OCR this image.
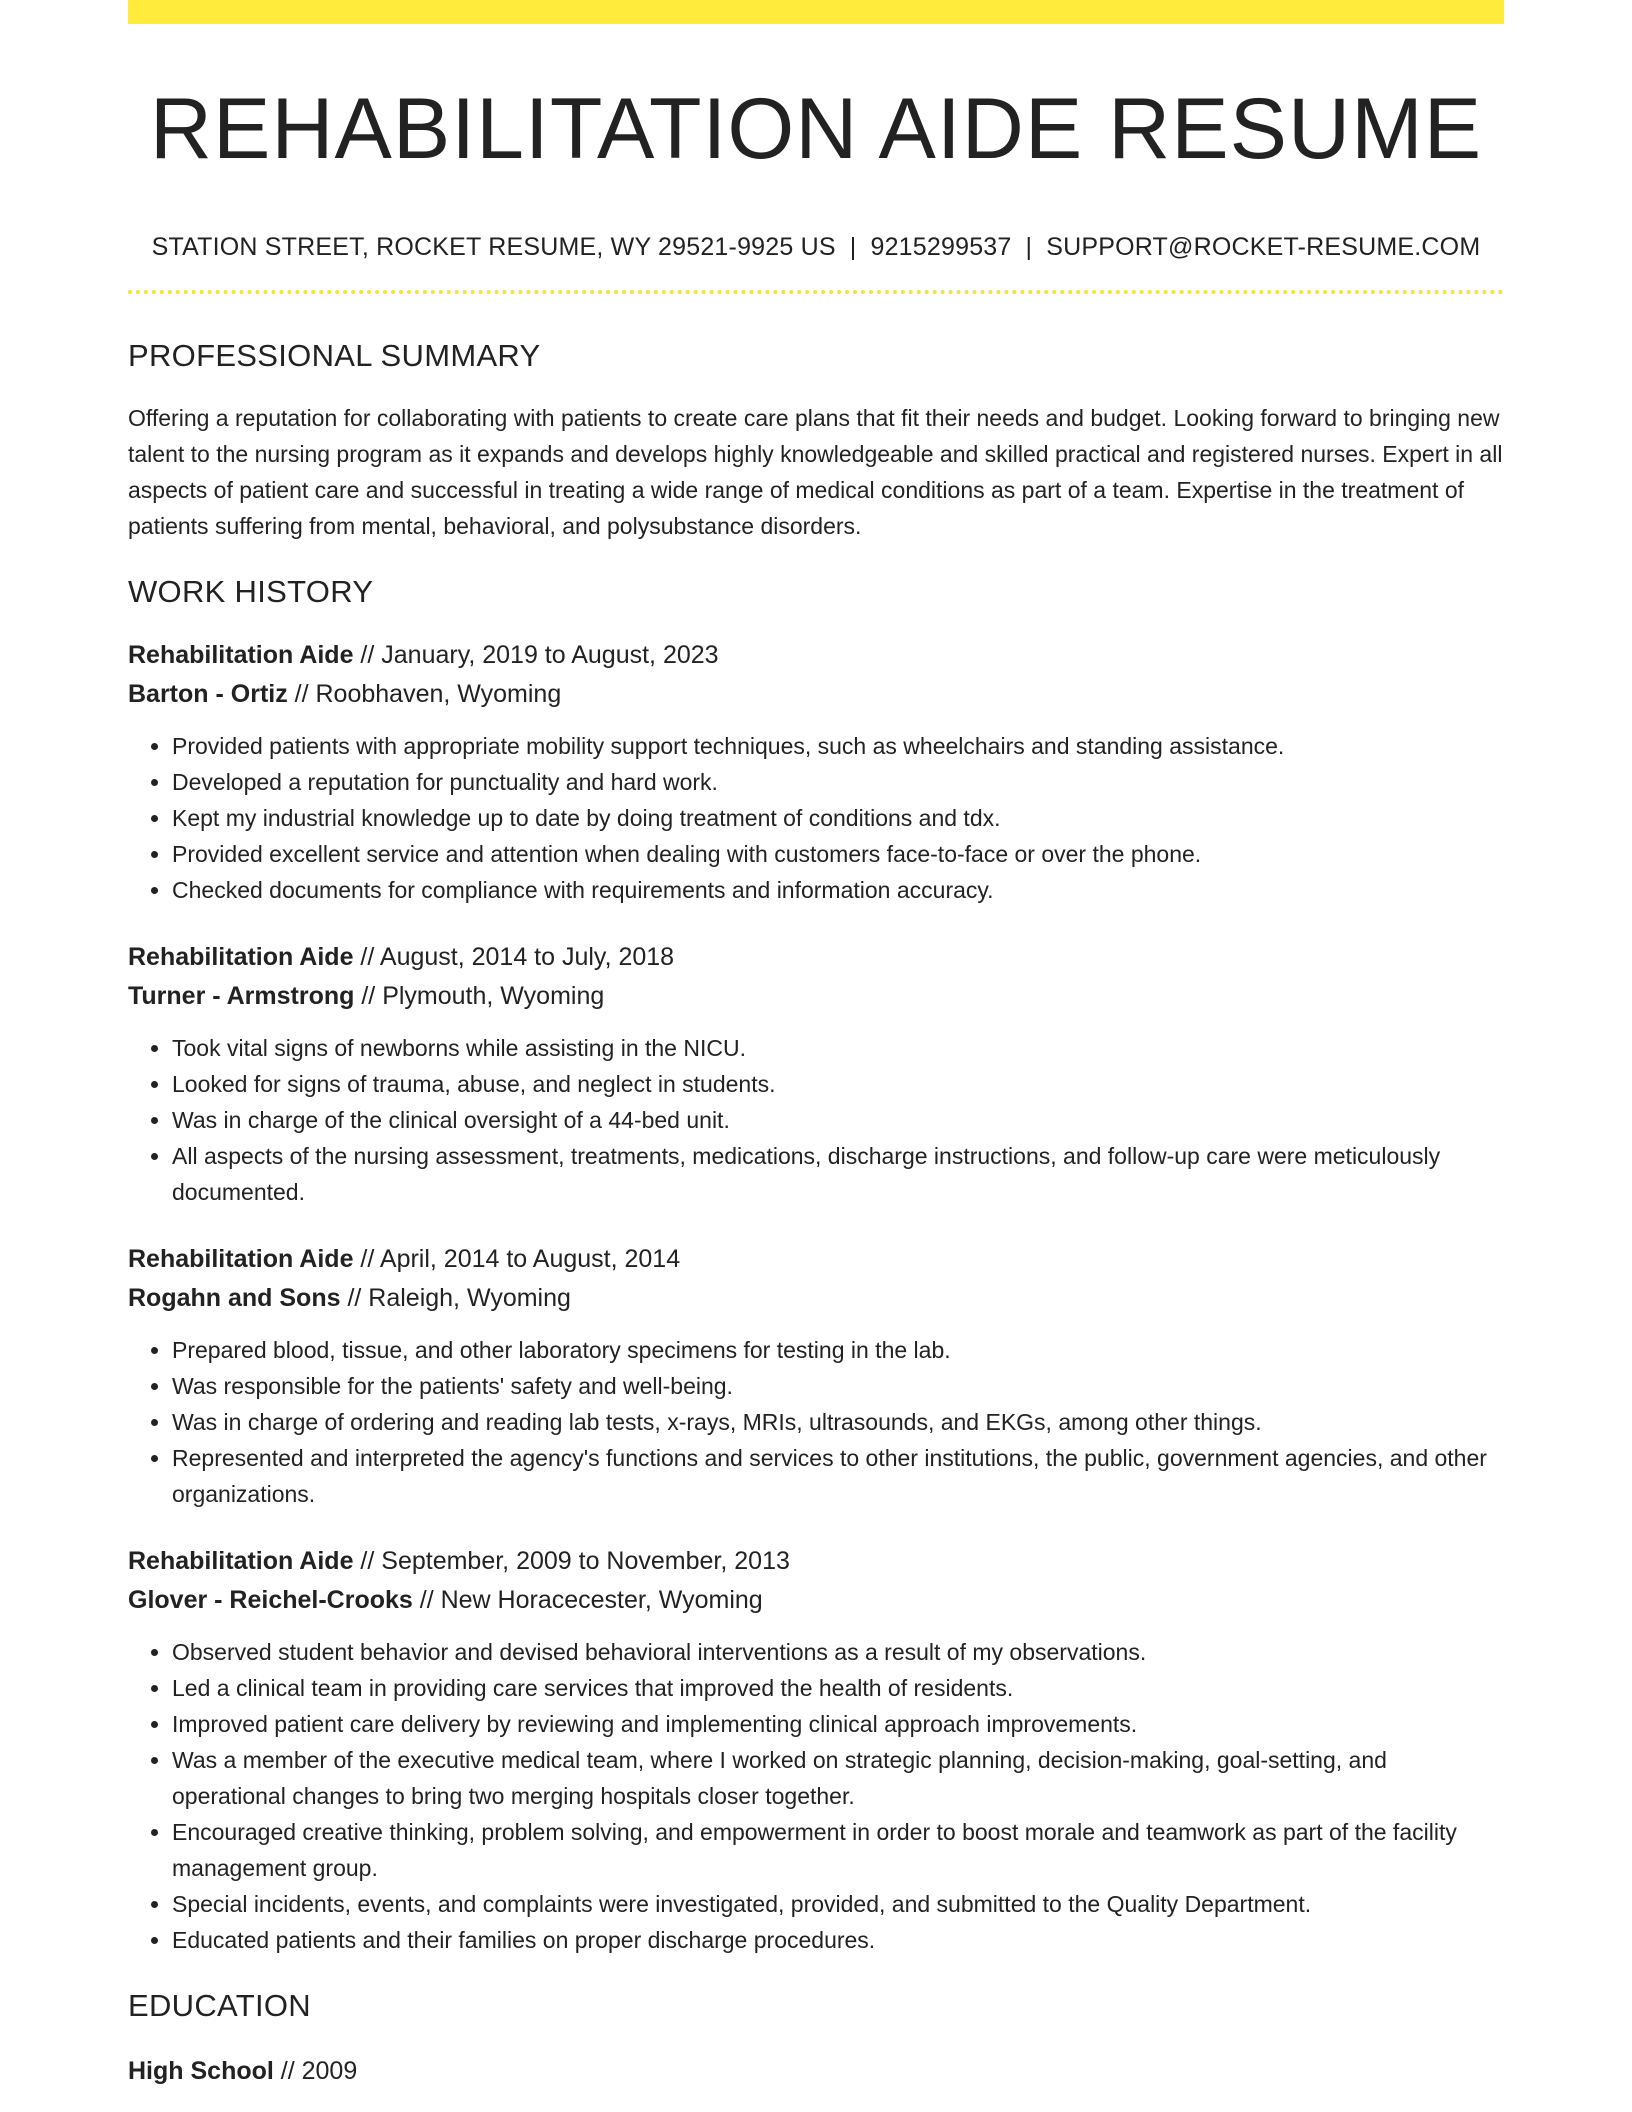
REHABILITATION AIDE RESUME
STATION STREET, ROCKET RESUME, WY 29521-9925 US | 9215299537 | SUPPORT@ROCKET-RESUME.COM
PROFESSIONAL SUMMARY

Offering a reputation for collaborating with patients to create care plans that fit their needs and budget. Looking forward to bringing new talent to the nursing program as it expands and develops highly knowledgeable and skilled practical and registered nurses. Expert in all aspects of patient care and successful in treating a wide range of medical conditions as part of a team. Expertise in the treatment of patients suffering from mental, behavioral, and polysubstance disorders.

WORK HISTORY
Rehabilitation Aide // January, 2019 to August, 2023
Barton - Ortiz // Roobhaven, Wyoming
• Provided patients with appropriate mobility support techniques, such as wheelchairs and standing assistance.
• Developed a reputation for punctuality and hard work.
• Kept my industrial knowledge up to date by doing treatment of conditions and tdx.
• Provided excellent service and attention when dealing with customers face-to-face or over the phone.
• Checked documents for compliance with requirements and information accuracy.
Rehabilitation Aide // August, 2014 to July, 2018
Turner - Armstrong // Plymouth, Wyoming
• Took vital signs of newborns while assisting in the NICU.
• Looked for signs of trauma, abuse, and neglect in students.
• Was in charge of the clinical oversight of a 44-bed unit.
• All aspects of the nursing assessment, treatments, medications, discharge instructions, and follow-up care were meticulously documented.
Rehabilitation Aide // April, 2014 to August, 2014
Rogahn and Sons // Raleigh, Wyoming
• Prepared blood, tissue, and other laboratory specimens for testing in the lab.
• Was responsible for the patients' safety and well-being.
• Was in charge of ordering and reading lab tests, x-rays, MRIs, ultrasounds, and EKGs, among other things.
• Represented and interpreted the agency's functions and services to other institutions, the public, government agencies, and other organizations.
Rehabilitation Aide // September, 2009 to November, 2013
Glover - Reichel-Crooks // New Horacecester, Wyoming
• Observed student behavior and devised behavioral interventions as a result of my observations.
• Led a clinical team in providing care services that improved the health of residents.
• Improved patient care delivery by reviewing and implementing clinical approach improvements.
• Was a member of the executive medical team, where I worked on strategic planning, decision-making, goal-setting, and operational changes to bring two merging hospitals closer together.
• Encouraged creative thinking, problem solving, and empowerment in order to boost morale and teamwork as part of the facility management group.
• Special incidents, events, and complaints were investigated, provided, and submitted to the Quality Department.
• Educated patients and their families on proper discharge procedures.
EDUCATION
High School // 2009
